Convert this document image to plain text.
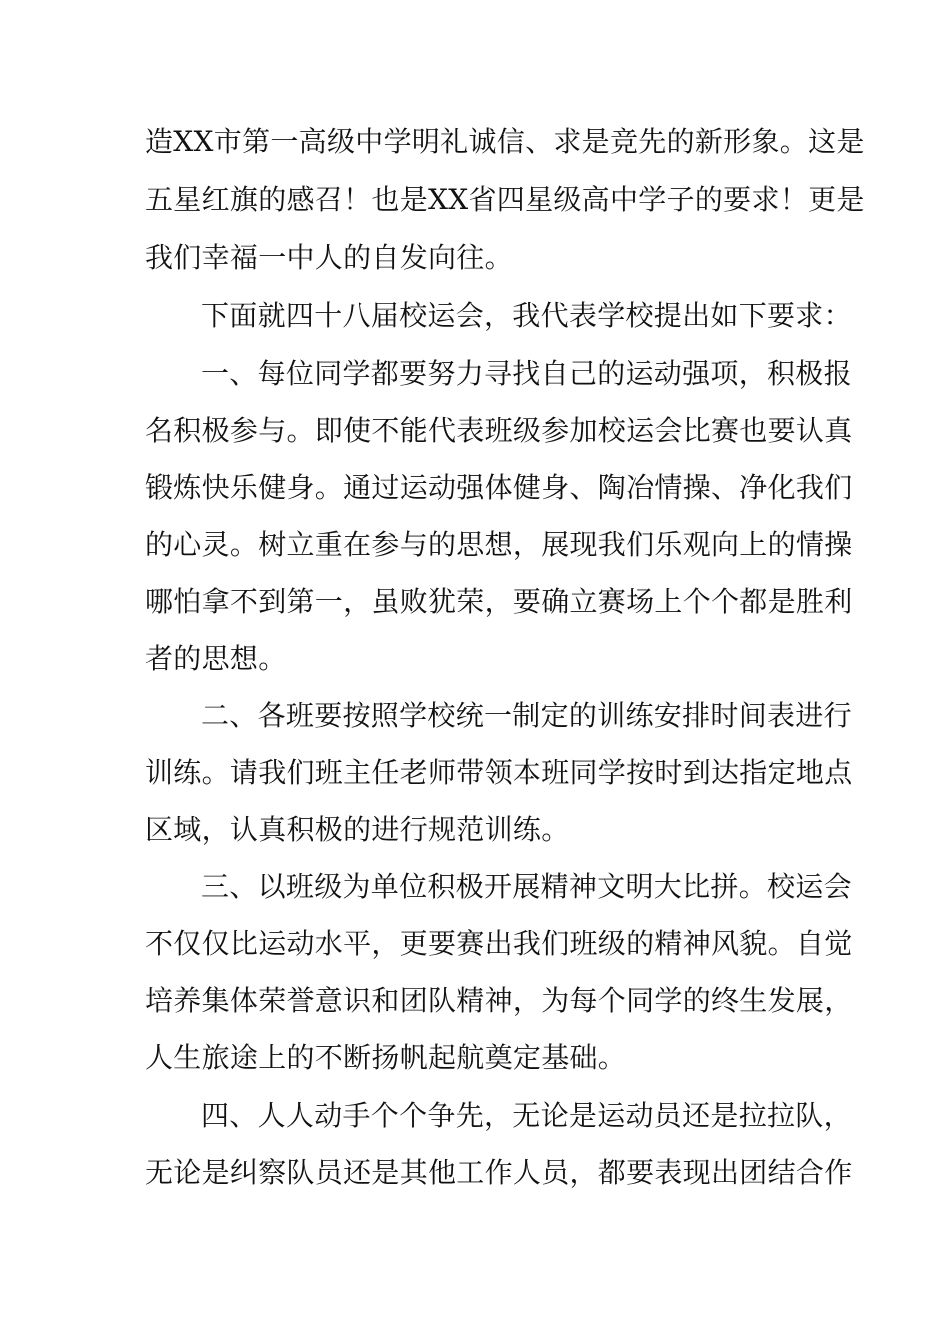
造XX市第一高级中学明礼诚信、求是竞先的新形象。这是
五星红旗的感召！也是XX省四星级高中学子的要求！更是
我们幸福一中人的自发向往。
下面就四十八届校运会，我代表学校提出如下要求：
一、每位同学都要努力寻找自己的运动强项，积极报
名积极参与。即使不能代表班级参加校运会比赛也要认真
锻炼快乐健身。通过运动强体健身、陶冶情操、净化我们
的心灵。树立重在参与的思想，展现我们乐观向上的情操
哪怕拿不到第一，虽败犹荣，要确立赛场上个个都是胜利
者的思想。
二、各班要按照学校统一制定的训练安排时间表进行
训练。请我们班主任老师带领本班同学按时到达指定地点
区域，认真积极的进行规范训练。
三、以班级为单位积极开展精神文明大比拼。校运会
不仅仅比运动水平，更要赛出我们班级的精神风貌。自觉
培养集体荣誉意识和团队精神，为每个同学的终生发展，
人生旅途上的不断扬帆起航奠定基础。
四、人人动手个个争先，无论是运动员还是拉拉队，
无论是纠察队员还是其他工作人员，都要表现出团结合作
